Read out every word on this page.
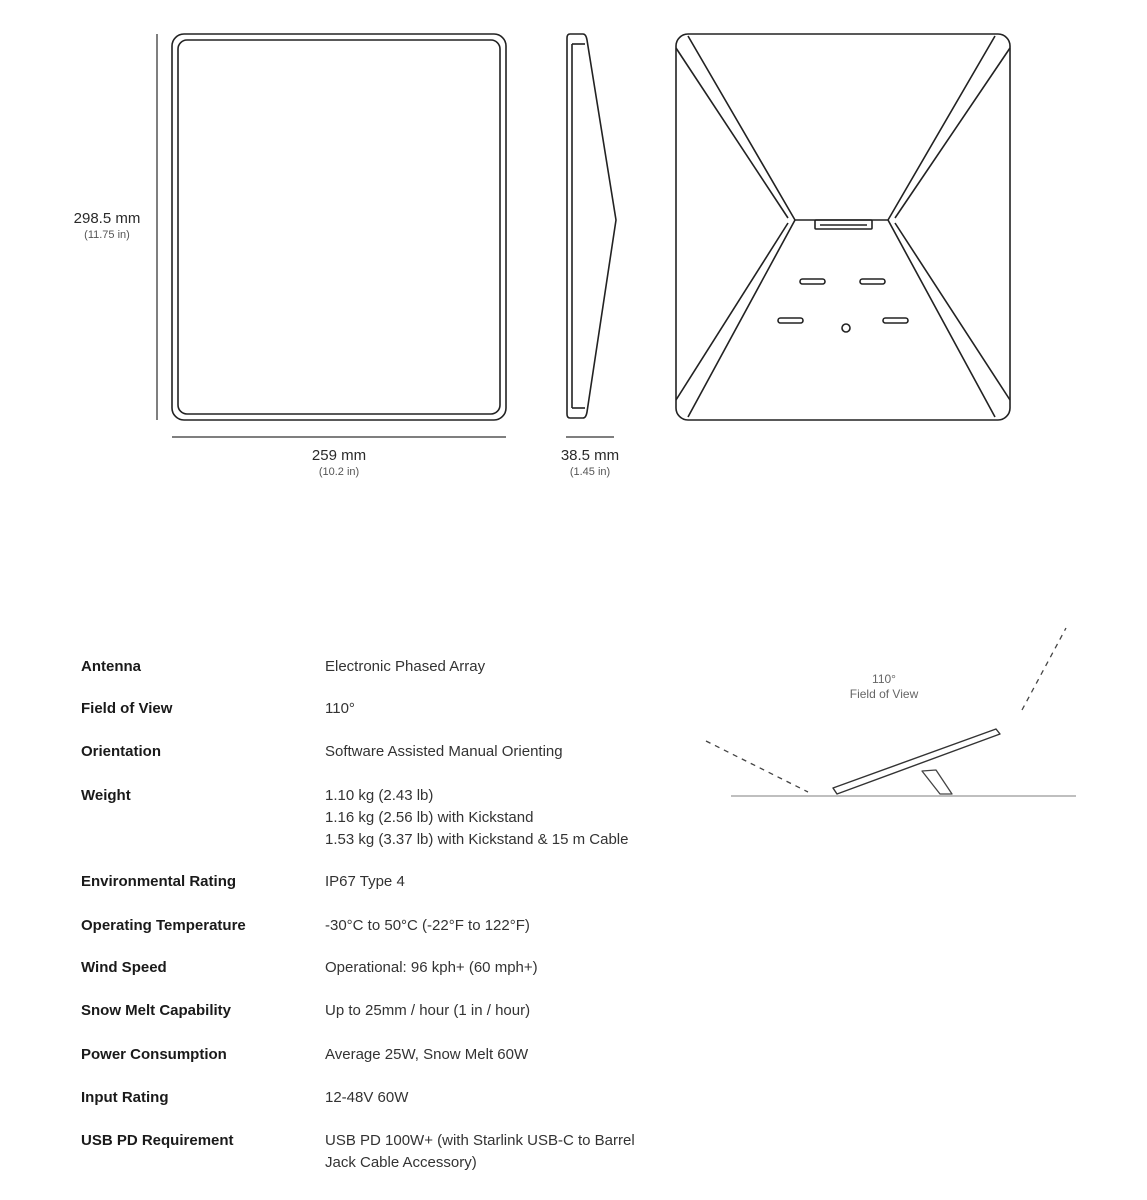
298.5 mm
(11.75 in)
259 mm
(10.2 in)
38.5 mm
(1.45 in)
Antenna	Electronic Phased Array
Field of View	110°
Orientation	Software Assisted Manual Orienting
Weight	1.10 kg (2.43 lb)
1.16 kg (2.56 lb) with Kickstand
1.53 kg (3.37 lb) with Kickstand & 15 m Cable
Environmental Rating	IP67 Type 4
Operating Temperature	-30°C to 50°C (-22°F to 122°F)
Wind Speed	Operational: 96 kph+ (60 mph+)
Snow Melt Capability	Up to 25mm / hour (1 in / hour)
Power Consumption	Average 25W, Snow Melt 60W
Input Rating	12-48V 60W
USB PD Requirement	USB PD 100W+ (with Starlink USB-C to Barrel
Jack Cable Accessory)
110°
Field of View
